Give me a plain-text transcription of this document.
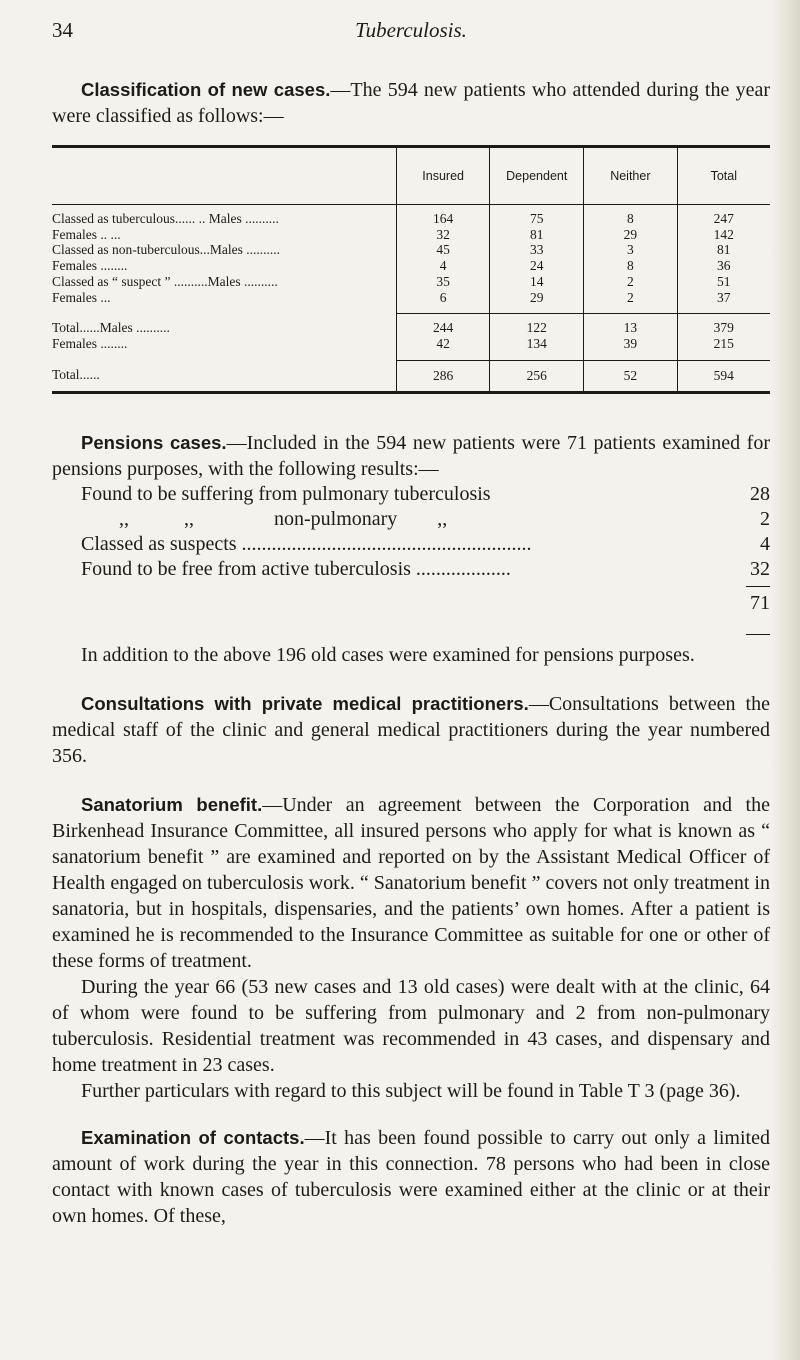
34	Tuberculosis.

Classification of new cases.—The 594 new patients who attended during the year were classified as follows:—

	Insured	Dependent	Neither	Total
Classed as tuberculous...... .. Males ..........	164	75	8	247
Females .. ...	32	81	29	142
Classed as non-tuberculous...Males ..........	45	33	3	81
Females ........	4	24	8	36
Classed as “ suspect ” ..........Males ..........	35	14	2	51
Females ...	6	29	2	37
Total......Males ..........	244	122	13	379
Females ........	42	134	39	215
Total......	286	256	52	594

Pensions cases.—Included in the 594 new patients were 71 patients examined for pensions purposes, with the following results:—

Found to be suffering from pulmonary tuberculosis	28
,,           ,,                non-pulmonary        ,,	2
Classed as suspects ..........................................................	4
Found to be free from active tuberculosis ...................	32
71

In addition to the above 196 old cases were examined for pensions purposes.

Consultations with private medical practitioners.—Consultations between the medical staff of the clinic and general medical practitioners during the year numbered 356.

Sanatorium benefit.—Under an agreement between the Corporation and the Birkenhead Insurance Committee, all insured persons who apply for what is known as “ sanatorium benefit ” are examined and reported on by the Assistant Medical Officer of Health engaged on tuberculosis work. “ Sanatorium benefit ” covers not only treatment in sanatoria, but in hospitals, dispensaries, and the patients’ own homes. After a patient is examined he is recommended to the Insurance Committee as suitable for one or other of these forms of treatment.

During the year 66 (53 new cases and 13 old cases) were dealt with at the clinic, 64 of whom were found to be suffering from pulmonary and 2 from non-pulmonary tuberculosis. Residential treatment was recommended in 43 cases, and dispensary and home treatment in 23 cases.

Further particulars with regard to this subject will be found in Table T 3 (page 36).

Examination of contacts.—It has been found possible to carry out only a limited amount of work during the year in this connection. 78 persons who had been in close contact with known cases of tuberculosis were examined either at the clinic or at their own homes. Of these,
